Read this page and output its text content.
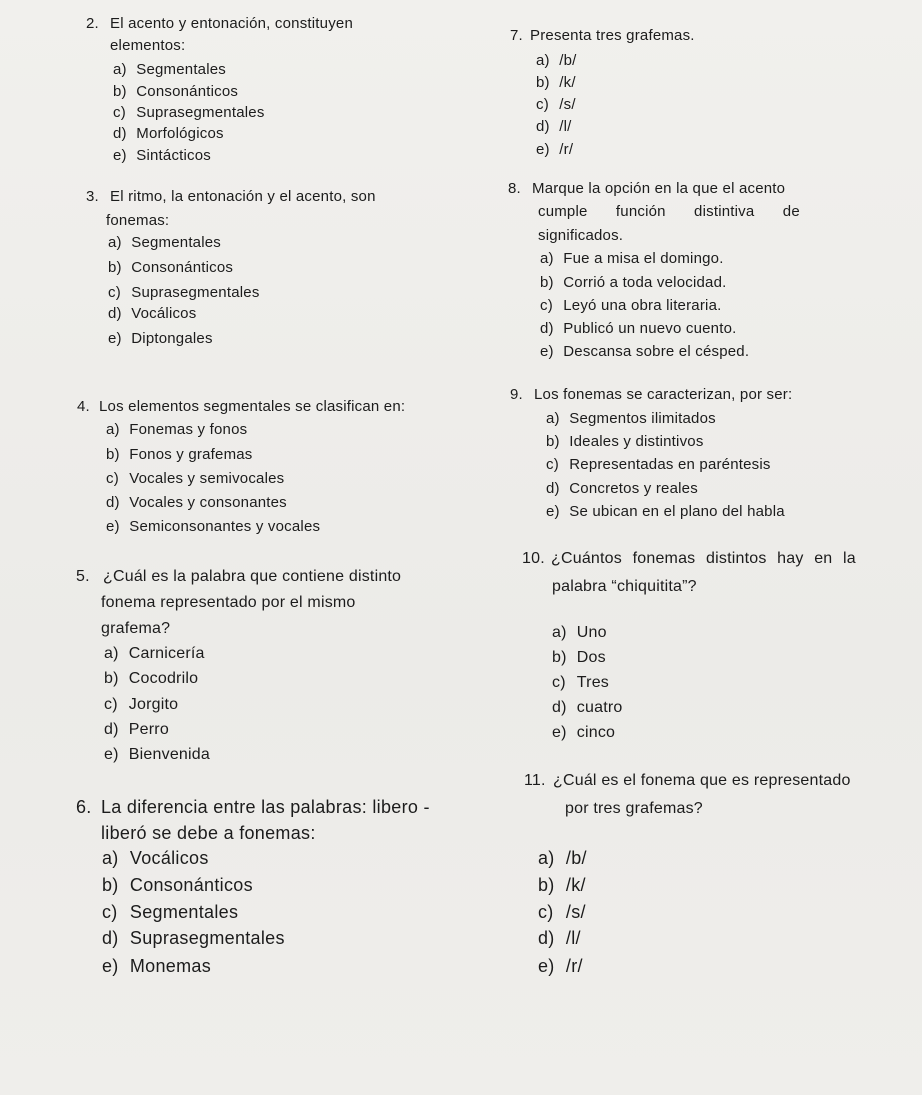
2. El acento y entonación, constituyen
elementos:
a) Segmentales
b) Consonánticos
c) Suprasegmentales
d) Morfológicos
e) Sintácticos
3. El ritmo, la entonación y el acento, son
fonemas:
a) Segmentales
b) Consonánticos
c) Suprasegmentales
d) Vocálicos
e) Diptongales
4. Los elementos segmentales se clasifican en:
a) Fonemas y fonos
b) Fonos y grafemas
c) Vocales y semivocales
d) Vocales y consonantes
e) Semiconsonantes y vocales
5. ¿Cuál es la palabra que contiene distinto
fonema representado por el mismo
grafema?
a) Carnicería
b) Cocodrilo
c) Jorgito
d) Perro
e) Bienvenida
6. La diferencia entre las palabras: libero -
liberó se debe a fonemas:
a) Vocálicos
b) Consonánticos
c) Segmentales
d) Suprasegmentales
e) Monemas
7. Presenta tres grafemas.
a) /b/
b) /k/
c) /s/
d) /l/
e) /r/
8. Marque la opción en la que el acento
cumple función distintiva de
significados.
a) Fue a misa el domingo.
b) Corrió a toda velocidad.
c) Leyó una obra literaria.
d) Publicó un nuevo cuento.
e) Descansa sobre el césped.
9. Los fonemas se caracterizan, por ser:
a) Segmentos ilimitados
b) Ideales y distintivos
c) Representadas en paréntesis
d) Concretos y reales
e) Se ubican en el plano del habla
10. ¿Cuántos fonemas distintos hay en la
palabra “chiquitita”?
a) Uno
b) Dos
c) Tres
d) cuatro
e) cinco
11. ¿Cuál es el fonema que es representado
por tres grafemas?
a) /b/
b) /k/
c) /s/
d) /l/
e) /r/
